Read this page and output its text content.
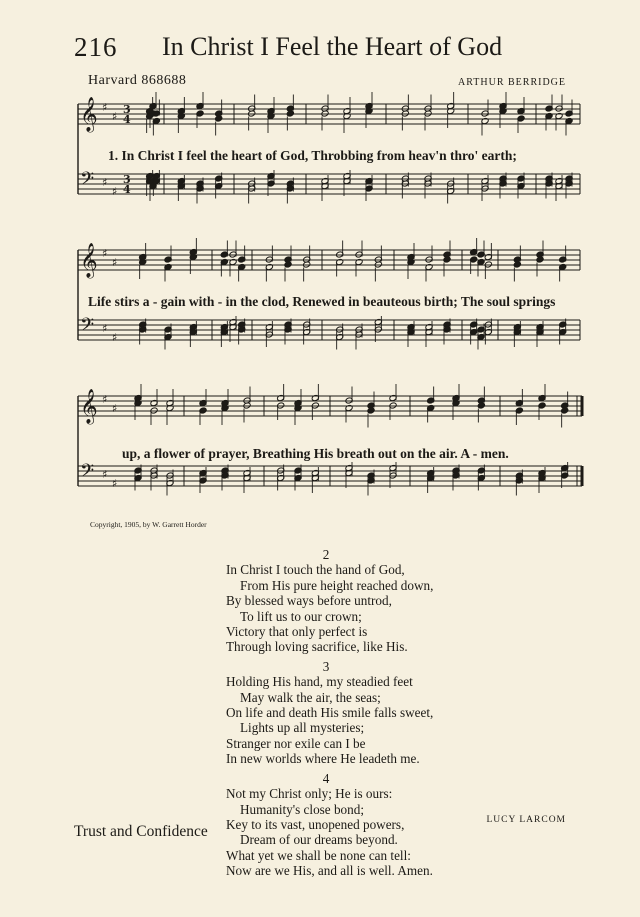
216 In Christ I Feel the Heart of God
Harvard 868688	ARTHUR BERRIDGE
𝄞
𝄢
♯
♯
♯
♯
3
4
3
4
1. In Christ I feel the heart of God, Throbbing from heav'n thro' earth;
𝄞
𝄢
♯
♯
♯
♯
Life stirs a - gain with - in the clod, Renewed in beauteous birth; The soul springs
𝄞
𝄢
♯
♯
♯
♯
up, a flower of prayer, Breathing His breath out on the air. A - men.
Copyright, 1905, by W. Garrett Horder
2
In Christ I touch the hand of God,
From His pure height reached down,
By blessed ways before untrod,
To lift us to our crown;
Victory that only perfect is
Through loving sacrifice, like His.
3
Holding His hand, my steadied feet
May walk the air, the seas;
On life and death His smile falls sweet,
Lights up all mysteries;
Stranger nor exile can I be
In new worlds where He leadeth me.
4
Not my Christ only; He is ours:
Humanity's close bond;
Key to its vast, unopened powers,
Dream of our dreams beyond.
What yet we shall be none can tell:
Now are we His, and all is well. Amen.
LUCY LARCOM
Trust and Confidence
